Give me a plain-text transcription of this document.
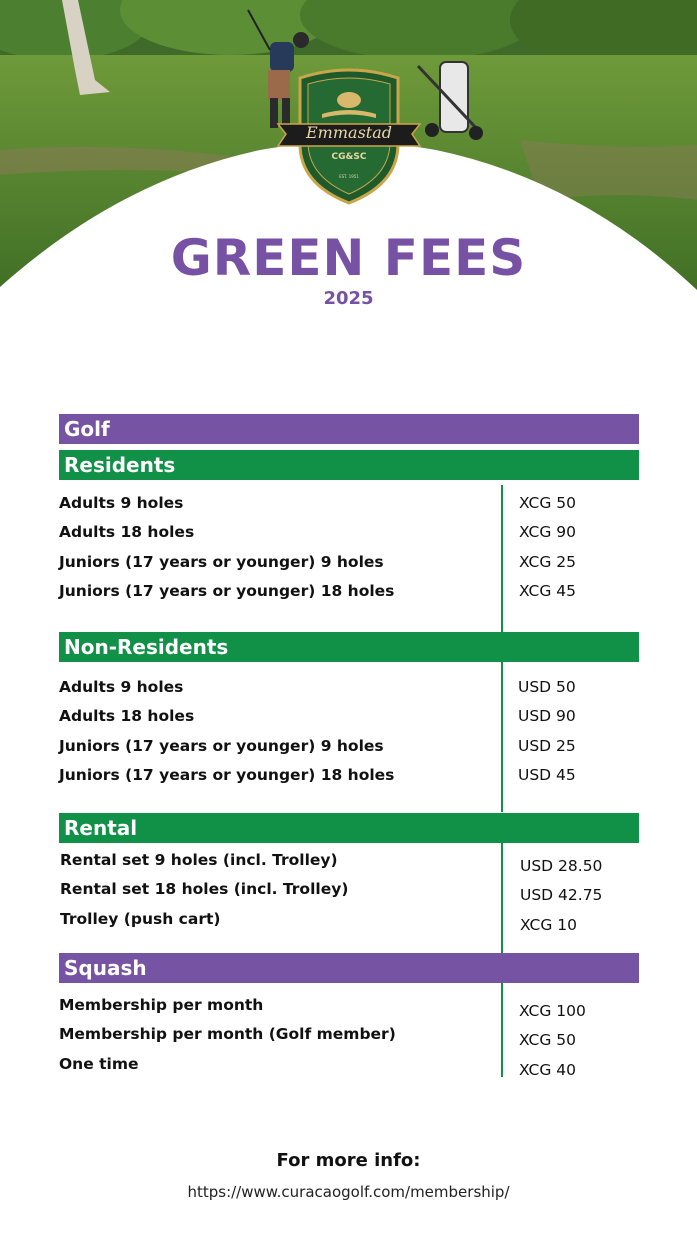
Emmastad
CG&SC
EST. 1951
GREEN FEES
2025
Golf
Residents
Adults 9 holes	XCG 50
Adults 18 holes	XCG 90
Juniors (17 years or younger) 9 holes	XCG 25
Juniors (17 years or younger) 18 holes	XCG 45
Non-Residents
Adults 9 holes	USD 50
Adults 18 holes	USD 90
Juniors (17 years or younger) 9 holes	USD 25
Juniors (17 years or younger) 18 holes	USD 45
Rental
Rental set 9 holes (incl. Trolley)	USD 28.50
Rental set 18 holes (incl. Trolley)	USD 42.75
Trolley (push cart)	XCG 10
Squash
Membership per month	XCG 100
Membership per month (Golf member)	XCG 50
One time	XCG 40
For more info:
https://www.curacaogolf.com/membership/
